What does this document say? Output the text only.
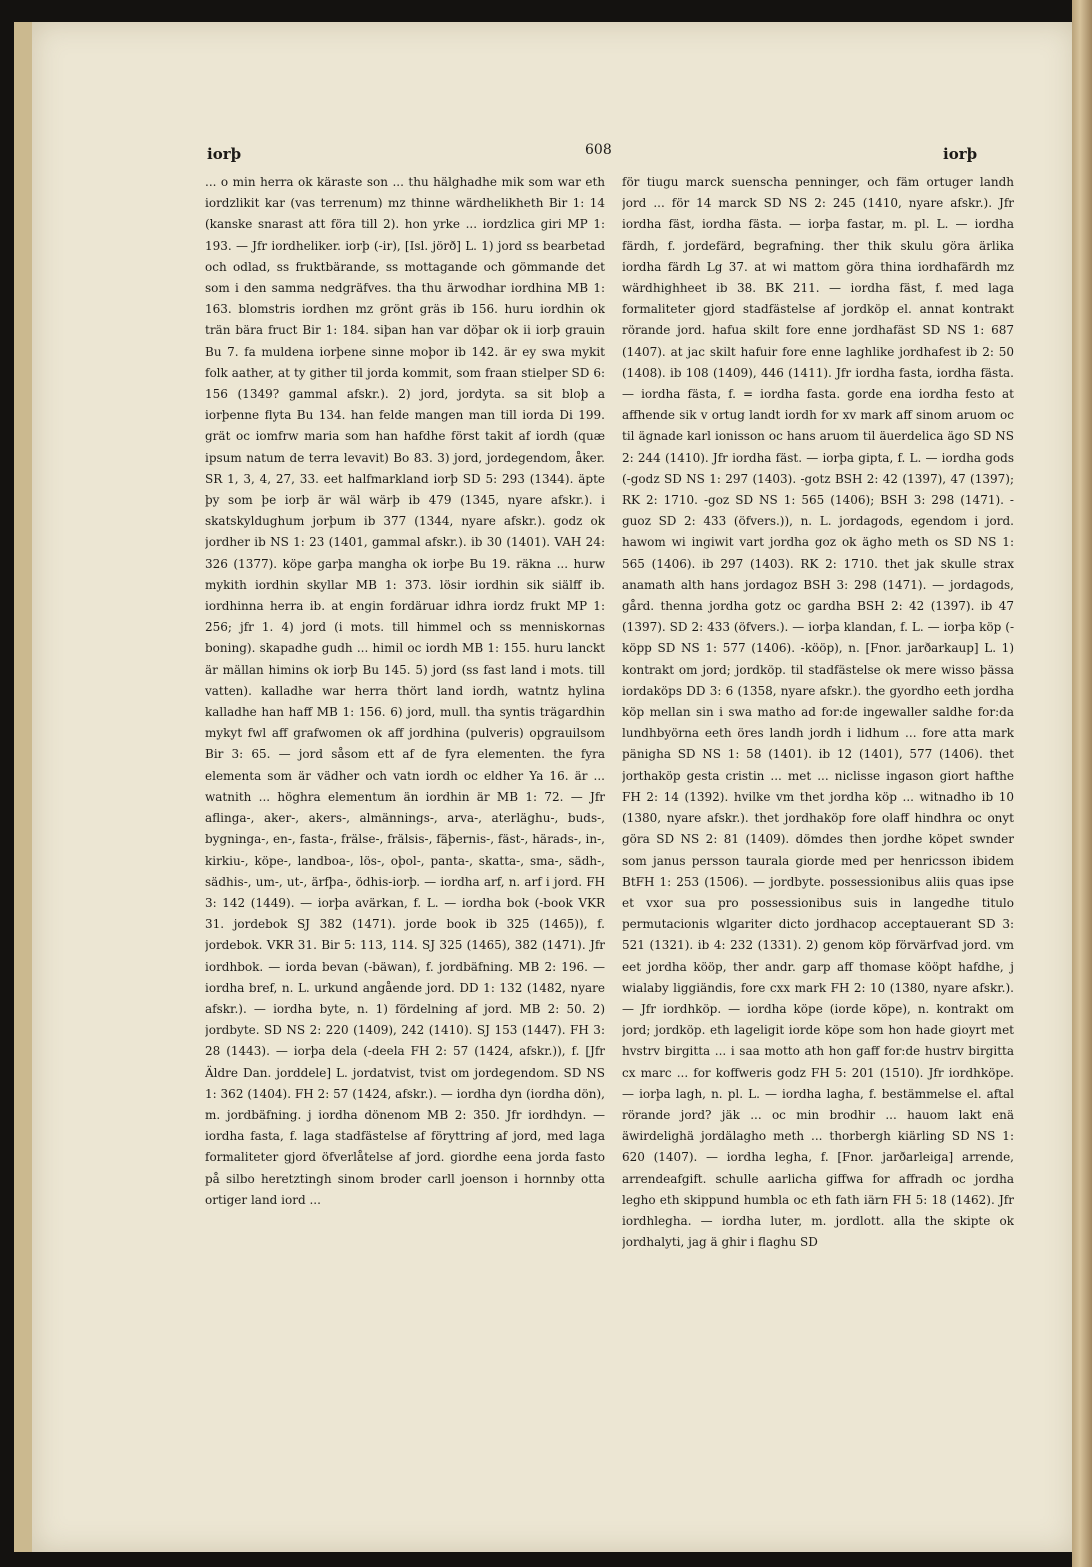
iorþ	608	iorþ

... o min herra ok käraste son ... thu hälghadhe mik som war eth iordzlikit kar (vas terrenum) mz thinne wärdhelikheth Bir 1: 14 (kanske snarast att föra till 2). hon yrke ... iordzlica giri MP 1: 193. — Jfr iordheliker. iorþ (-ir), [Isl. jörð] L. 1) jord ss bearbetad och odlad, ss fruktbärande, ss mottagande och gömmande det som i den samma nedgräfves. tha thu ärwodhar iordhina MB 1: 163. blomstris iordhen mz grönt gräs ib 156. huru iordhin ok trän bära fruct Bir 1: 184. siþan han var döþar ok ii iorþ grauin Bu 7. fa muldena iorþene sinne moþor ib 142. är ey swa mykit folk aather, at ty gither til jorda kommit, som fraan stielper SD 6: 156 (1349? gammal afskr.). 2) jord, jordyta. sa sit bloþ a iorþenne flyta Bu 134. han felde mangen man till iorda Di 199. grät oc iomfrw maria som han hafdhe först takit af iordh (quæ ipsum natum de terra levavit) Bo 83. 3) jord, jordegendom, åker. SR 1, 3, 4, 27, 33. eet halfmarkland iorþ SD 5: 293 (1344). äpte þy som þe iorþ är wäl wärþ ib 479 (1345, nyare afskr.). i skatskyldughum jorþum ib 377 (1344, nyare afskr.). godz ok jordher ib NS 1: 23 (1401, gammal afskr.). ib 30 (1401). VAH 24: 326 (1377). köpe garþa mangha ok iorþe Bu 19. räkna ... hurw mykith iordhin skyllar MB 1: 373. lösir iordhin sik siälff ib. iordhinna herra ib. at engin fordäruar idhra iordz frukt MP 1: 256; jfr 1. 4) jord (i mots. till himmel och ss menniskornas boning). skapadhe gudh ... himil oc iordh MB 1: 155. huru lanckt är mällan himins ok iorþ Bu 145. 5) jord (ss fast land i mots. till vatten). kalladhe war herra thört land iordh, watntz hylina kalladhe han haff MB 1: 156. 6) jord, mull. tha syntis trägardhin mykyt fwl aff grafwomen ok aff jordhina (pulveris) opgrauilsom Bir 3: 65. — jord såsom ett af de fyra elementen. the fyra elementa som är vädher och vatn iordh oc eldher Ya 16. är ... watnith ... höghra elementum än iordhin är MB 1: 72. — Jfr aflinga-, aker-, akers-, almännings-, arva-, aterläghu-, buds-, bygninga-, en-, fasta-, frälse-, frälsis-, fäþernis-, fäst-, härads-, in-, kirkiu-, köpe-, landboa-, lös-, oþol-, panta-, skatta-, sma-, sädh-, sädhis-, um-, ut-, ärfþa-, ödhis-iorþ. — iordha arf, n. arf i jord. FH 3: 142 (1449). — iorþa avärkan, f. L. — iordha bok (-book VKR 31. jordebok SJ 382 (1471). jorde book ib 325 (1465)), f. jordebok. VKR 31. Bir 5: 113, 114. SJ 325 (1465), 382 (1471). Jfr iordhbok. — iorda bevan (-bäwan), f. jordbäfning. MB 2: 196. — iordha bref, n. L. urkund angående jord. DD 1: 132 (1482, nyare afskr.). — iordha byte, n. 1) fördelning af jord. MB 2: 50. 2) jordbyte. SD NS 2: 220 (1409), 242 (1410). SJ 153 (1447). FH 3: 28 (1443). — iorþa dela (-deela FH 2: 57 (1424, afskr.)), f. [Jfr Äldre Dan. jorddele] L. jordatvist, tvist om jordegendom. SD NS 1: 362 (1404). FH 2: 57 (1424, afskr.). — iordha dyn (iordha dön), m. jordbäfning. j iordha dönenom MB 2: 350. Jfr iordhdyn. — iordha fasta, f. laga stadfästelse af föryttring af jord, med laga formaliteter gjord öfverlåtelse af jord. giordhe eena jorda fasto på silbo heretztingh sinom broder carll joenson i hornnby otta ortiger land iord ...

för tiugu marck suenscha penninger, och fäm ortuger landh jord ... för 14 marck SD NS 2: 245 (1410, nyare afskr.). Jfr iordha fäst, iordha fästa. — iorþa fastar, m. pl. L. — iordha färdh, f. jordefärd, begrafning. ther thik skulu göra ärlika iordha färdh Lg 37. at wi mattom göra thina iordhafärdh mz wärdhighheet ib 38. BK 211. — iordha fäst, f. med laga formaliteter gjord stadfästelse af jordköp el. annat kontrakt rörande jord. hafua skilt fore enne jordhafäst SD NS 1: 687 (1407). at jac skilt hafuir fore enne laghlike jordhafest ib 2: 50 (1408). ib 108 (1409), 446 (1411). Jfr iordha fasta, iordha fästa. — iordha fästa, f. = iordha fasta. gorde ena iordha festo at affhende sik v ortug landt iordh for xv mark aff sinom aruom oc til ägnade karl ionisson oc hans aruom til äuerdelica ägo SD NS 2: 244 (1410). Jfr iordha fäst. — iorþa gipta, f. L. — iordha gods (-godz SD NS 1: 297 (1403). -gotz BSH 2: 42 (1397), 47 (1397); RK 2: 1710. -goz SD NS 1: 565 (1406); BSH 3: 298 (1471). -guoz SD 2: 433 (öfvers.)), n. L. jordagods, egendom i jord. hawom wi ingiwit vart jordha goz ok ägho meth os SD NS 1: 565 (1406). ib 297 (1403). RK 2: 1710. thet jak skulle strax anamath alth hans jordagoz BSH 3: 298 (1471). — jordagods, gård. thenna jordha gotz oc gardha BSH 2: 42 (1397). ib 47 (1397). SD 2: 433 (öfvers.). — iorþa klandan, f. L. — iorþa köp (-köpp SD NS 1: 577 (1406). -kööp), n. [Fnor. jarðarkaup] L. 1) kontrakt om jord; jordköp. til stadfästelse ok mere wisso þässa iordaköps DD 3: 6 (1358, nyare afskr.). the gyordho eeth jordha köp mellan sin i swa matho ad for:de ingewaller saldhe for:da lundhbyörna eeth öres landh jordh i lidhum ... fore atta mark pänigha SD NS 1: 58 (1401). ib 12 (1401), 577 (1406). thet jorthaköp gesta cristin ... met ... niclisse ingason giort hafthe FH 2: 14 (1392). hvilke vm thet jordha köp ... witnadho ib 10 (1380, nyare afskr.). thet jordhaköp fore olaff hindhra oc onyt göra SD NS 2: 81 (1409). dömdes then jordhe köpet swnder som janus persson taurala giorde med per henricsson ibidem BtFH 1: 253 (1506). — jordbyte. possessionibus aliis quas ipse et vxor sua pro possessionibus suis in langedhe titulo permutacionis wlgariter dicto jordhacop acceptauerant SD 3: 521 (1321). ib 4: 232 (1331). 2) genom köp förvärfvad jord. vm eet jordha kööp, ther andr. garp aff thomase kööpt hafdhe, j wialaby liggiändis, fore cxx mark FH 2: 10 (1380, nyare afskr.). — Jfr iordhköp. — iordha köpe (iorde köpe), n. kontrakt om jord; jordköp. eth lageligit iorde köpe som hon hade gioyrt met hvstrv birgitta ... i saa motto ath hon gaff for:de hustrv birgitta cx marc ... for koffweris godz FH 5: 201 (1510). Jfr iordhköpe. — iorþa lagh, n. pl. L. — iordha lagha, f. bestämmelse el. aftal rörande jord? jäk ... oc min brodhir ... hauom lakt enä äwirdelighä jordälagho meth ... thorbergh kiärling SD NS 1: 620 (1407). — iordha legha, f. [Fnor. jarðarleiga] arrende, arrendeafgift. schulle aarlicha giffwa for affradh oc jordha legho eth skippund humbla oc eth fath iärn FH 5: 18 (1462). Jfr iordhlegha. — iordha luter, m. jordlott. alla the skipte ok jordhalyti, jag ä ghir i flaghu SD
